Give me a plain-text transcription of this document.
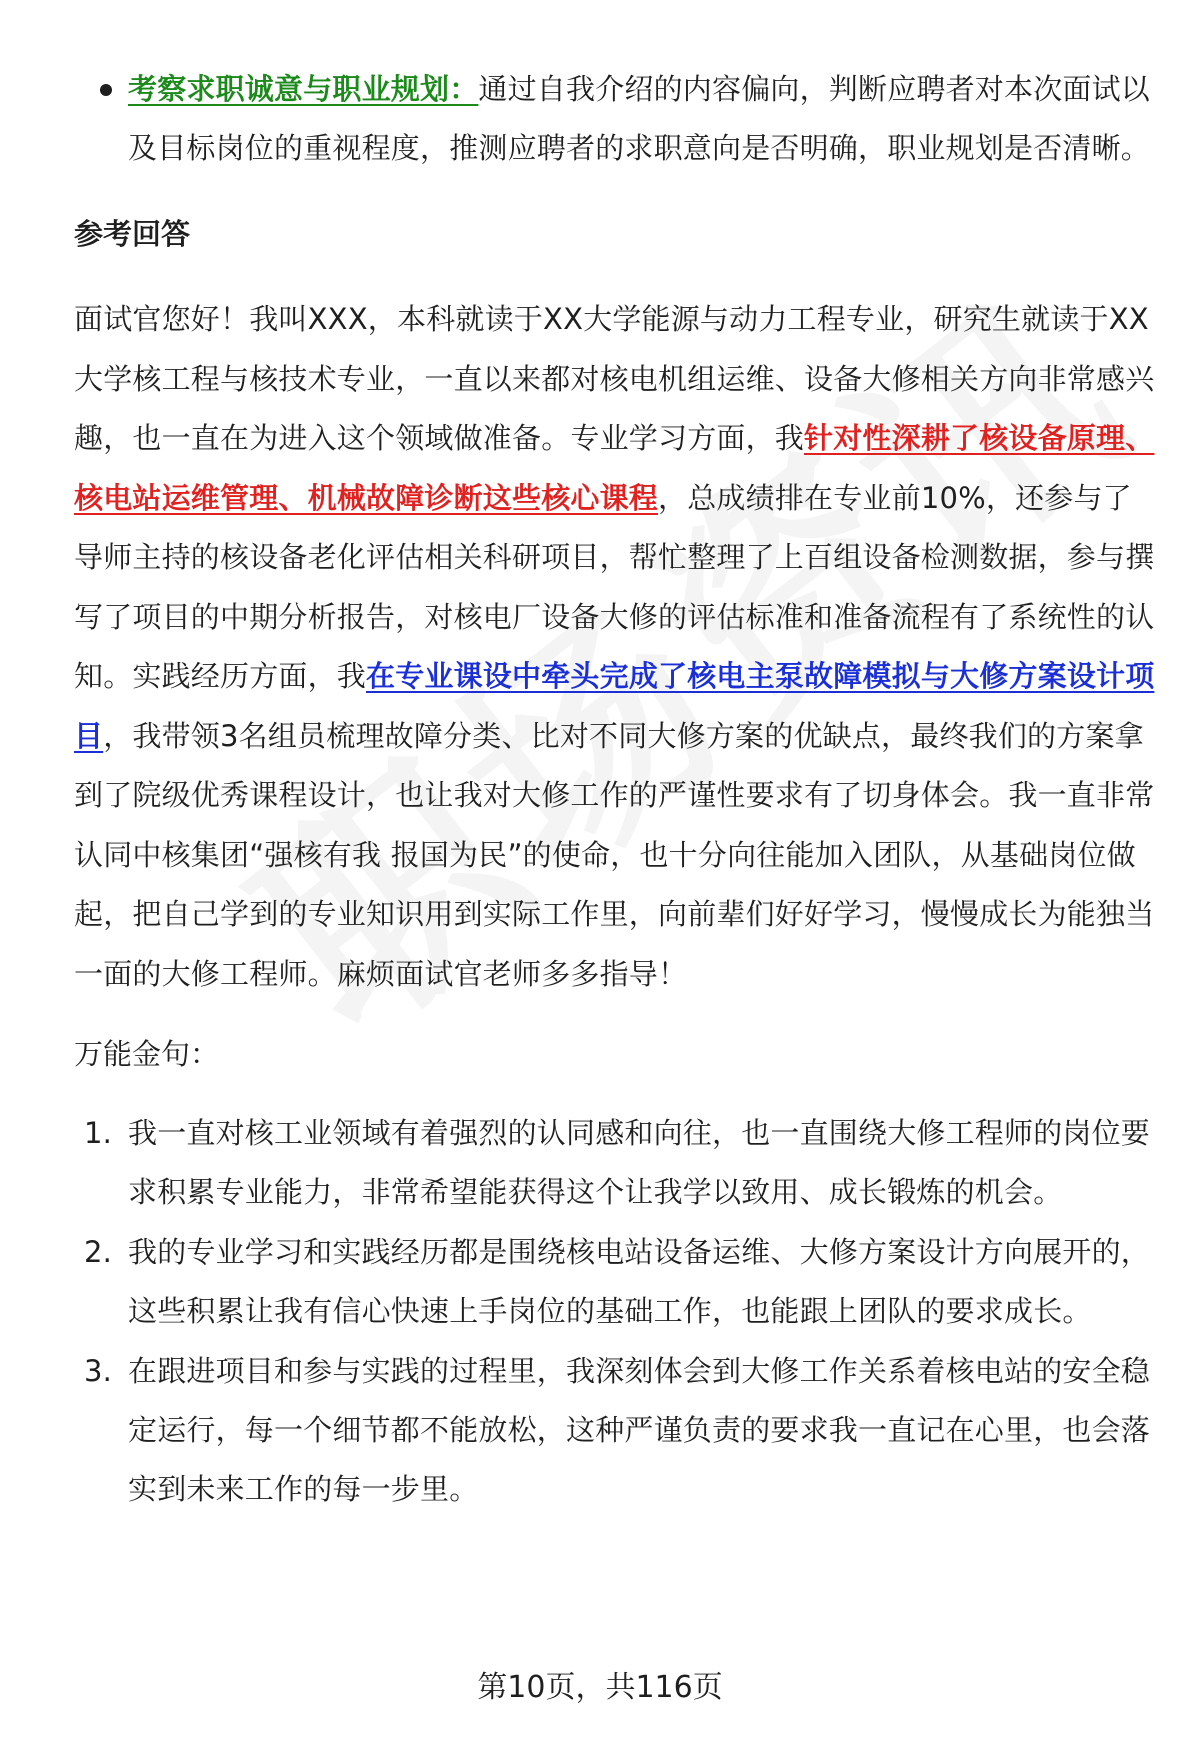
考察求职诚意与职业规划：通过自我介绍的内容偏向，判断应聘者对本次面试以及目标岗位的重视程度，推测应聘者的求职意向是否明确，职业规划是否清晰。
参考回答
面试官您好！我叫XXX，本科就读于XX大学能源与动力工程专业，研究生就读于XX大学核工程与核技术专业，一直以来都对核电机组运维、设备大修相关方向非常感兴趣，也一直在为进入这个领域做准备。专业学习方面，我针对性深耕了核设备原理、核电站运维管理、机械故障诊断这些核心课程，总成绩排在专业前10%，还参与了导师主持的核设备老化评估相关科研项目，帮忙整理了上百组设备检测数据，参与撰写了项目的中期分析报告，对核电厂设备大修的评估标准和准备流程有了系统性的认知。实践经历方面，我在专业课设中牵头完成了核电主泵故障模拟与大修方案设计项目，我带领3名组员梳理故障分类、比对不同大修方案的优缺点，最终我们的方案拿到了院级优秀课程设计，也让我对大修工作的严谨性要求有了切身体会。我一直非常认同中核集团“强核有我 报国为民”的使命，也十分向往能加入团队，从基础岗位做起，把自己学到的专业知识用到实际工作里，向前辈们好好学习，慢慢成长为能独当一面的大修工程师。麻烦面试官老师多多指导！
万能金句：
1. 我一直对核工业领域有着强烈的认同感和向往，也一直围绕大修工程师的岗位要求积累专业能力，非常希望能获得这个让我学以致用、成长锻炼的机会。
2. 我的专业学习和实践经历都是围绕核电站设备运维、大修方案设计方向展开的，这些积累让我有信心快速上手岗位的基础工作，也能跟上团队的要求成长。
3. 在跟进项目和参与实践的过程里，我深刻体会到大修工作关系着核电站的安全稳定运行，每一个细节都不能放松，这种严谨负责的要求我一直记在心里，也会落实到未来工作的每一步里。
第10页，共116页
